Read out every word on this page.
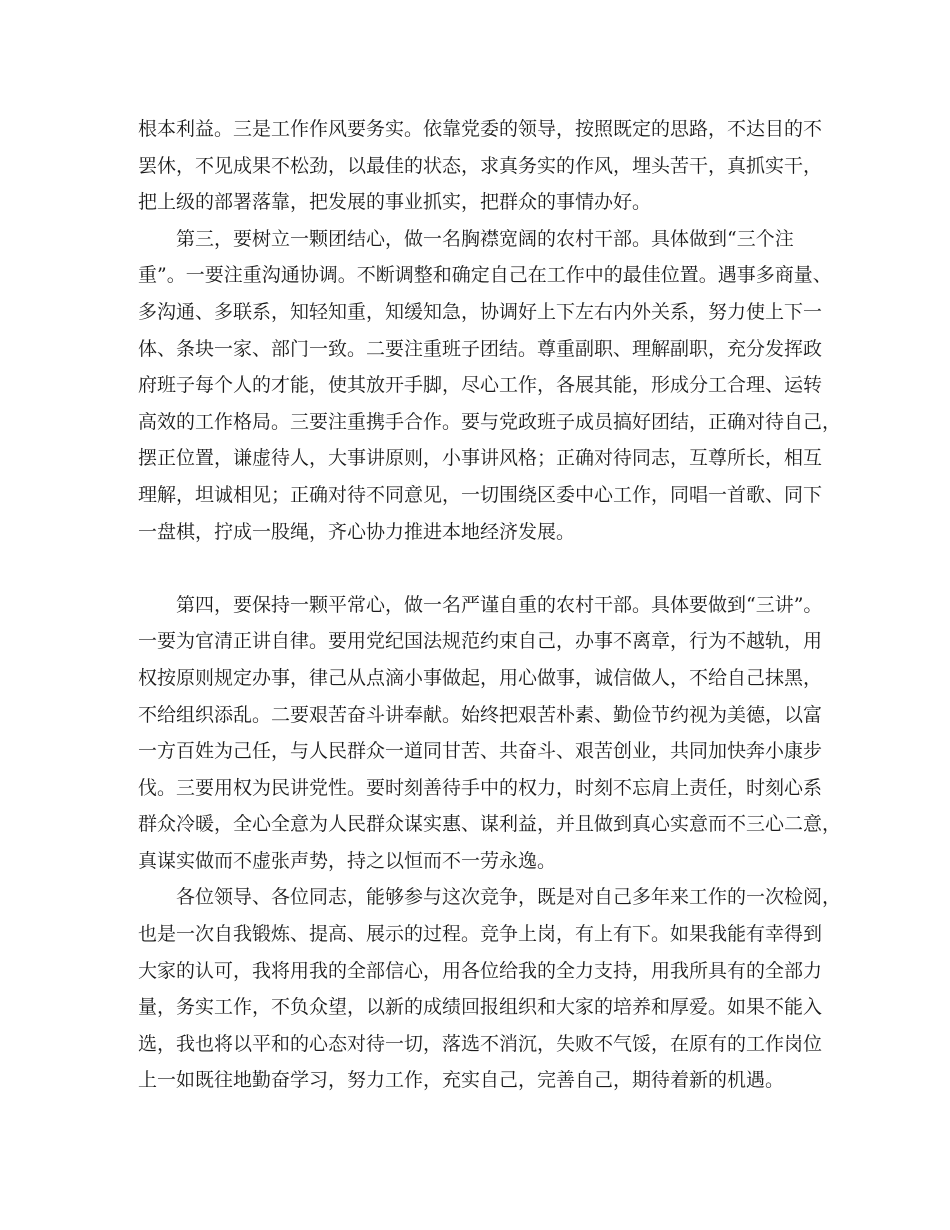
根本利益。三是工作作风要务实。依靠党委的领导，按照既定的思路，不达目的不
罢休，不见成果不松劲，以最佳的状态，求真务实的作风，埋头苦干，真抓实干，
把上级的部署落靠，把发展的事业抓实，把群众的事情办好。
　　第三，要树立一颗团结心，做一名胸襟宽阔的农村干部。具体做到“三个注
重”。一要注重沟通协调。不断调整和确定自己在工作中的最佳位置。遇事多商量、
多沟通、多联系，知轻知重，知缓知急，协调好上下左右内外关系，努力使上下一
体、条块一家、部门一致。二要注重班子团结。尊重副职、理解副职，充分发挥政
府班子每个人的才能，使其放开手脚，尽心工作，各展其能，形成分工合理、运转
高效的工作格局。三要注重携手合作。要与党政班子成员搞好团结，正确对待自己，
摆正位置，谦虚待人，大事讲原则，小事讲风格；正确对待同志，互尊所长，相互
理解，坦诚相见；正确对待不同意见，一切围绕区委中心工作，同唱一首歌、同下
一盘棋，拧成一股绳，齐心协力推进本地经济发展。
　　第四，要保持一颗平常心，做一名严谨自重的农村干部。具体要做到“三讲”。
一要为官清正讲自律。要用党纪国法规范约束自己，办事不离章，行为不越轨，用
权按原则规定办事，律己从点滴小事做起，用心做事，诚信做人，不给自己抹黑，
不给组织添乱。二要艰苦奋斗讲奉献。始终把艰苦朴素、勤俭节约视为美德，以富
一方百姓为己任，与人民群众一道同甘苦、共奋斗、艰苦创业，共同加快奔小康步
伐。三要用权为民讲党性。要时刻善待手中的权力，时刻不忘肩上责任，时刻心系
群众冷暖，全心全意为人民群众谋实惠、谋利益，并且做到真心实意而不三心二意，
真谋实做而不虚张声势，持之以恒而不一劳永逸。
　　各位领导、各位同志，能够参与这次竞争，既是对自己多年来工作的一次检阅，
也是一次自我锻炼、提高、展示的过程。竞争上岗，有上有下。如果我能有幸得到
大家的认可，我将用我的全部信心，用各位给我的全力支持，用我所具有的全部力
量，务实工作，不负众望，以新的成绩回报组织和大家的培养和厚爱。如果不能入
选，我也将以平和的心态对待一切，落选不消沉，失败不气馁，在原有的工作岗位
上一如既往地勤奋学习，努力工作，充实自己，完善自己，期待着新的机遇。
